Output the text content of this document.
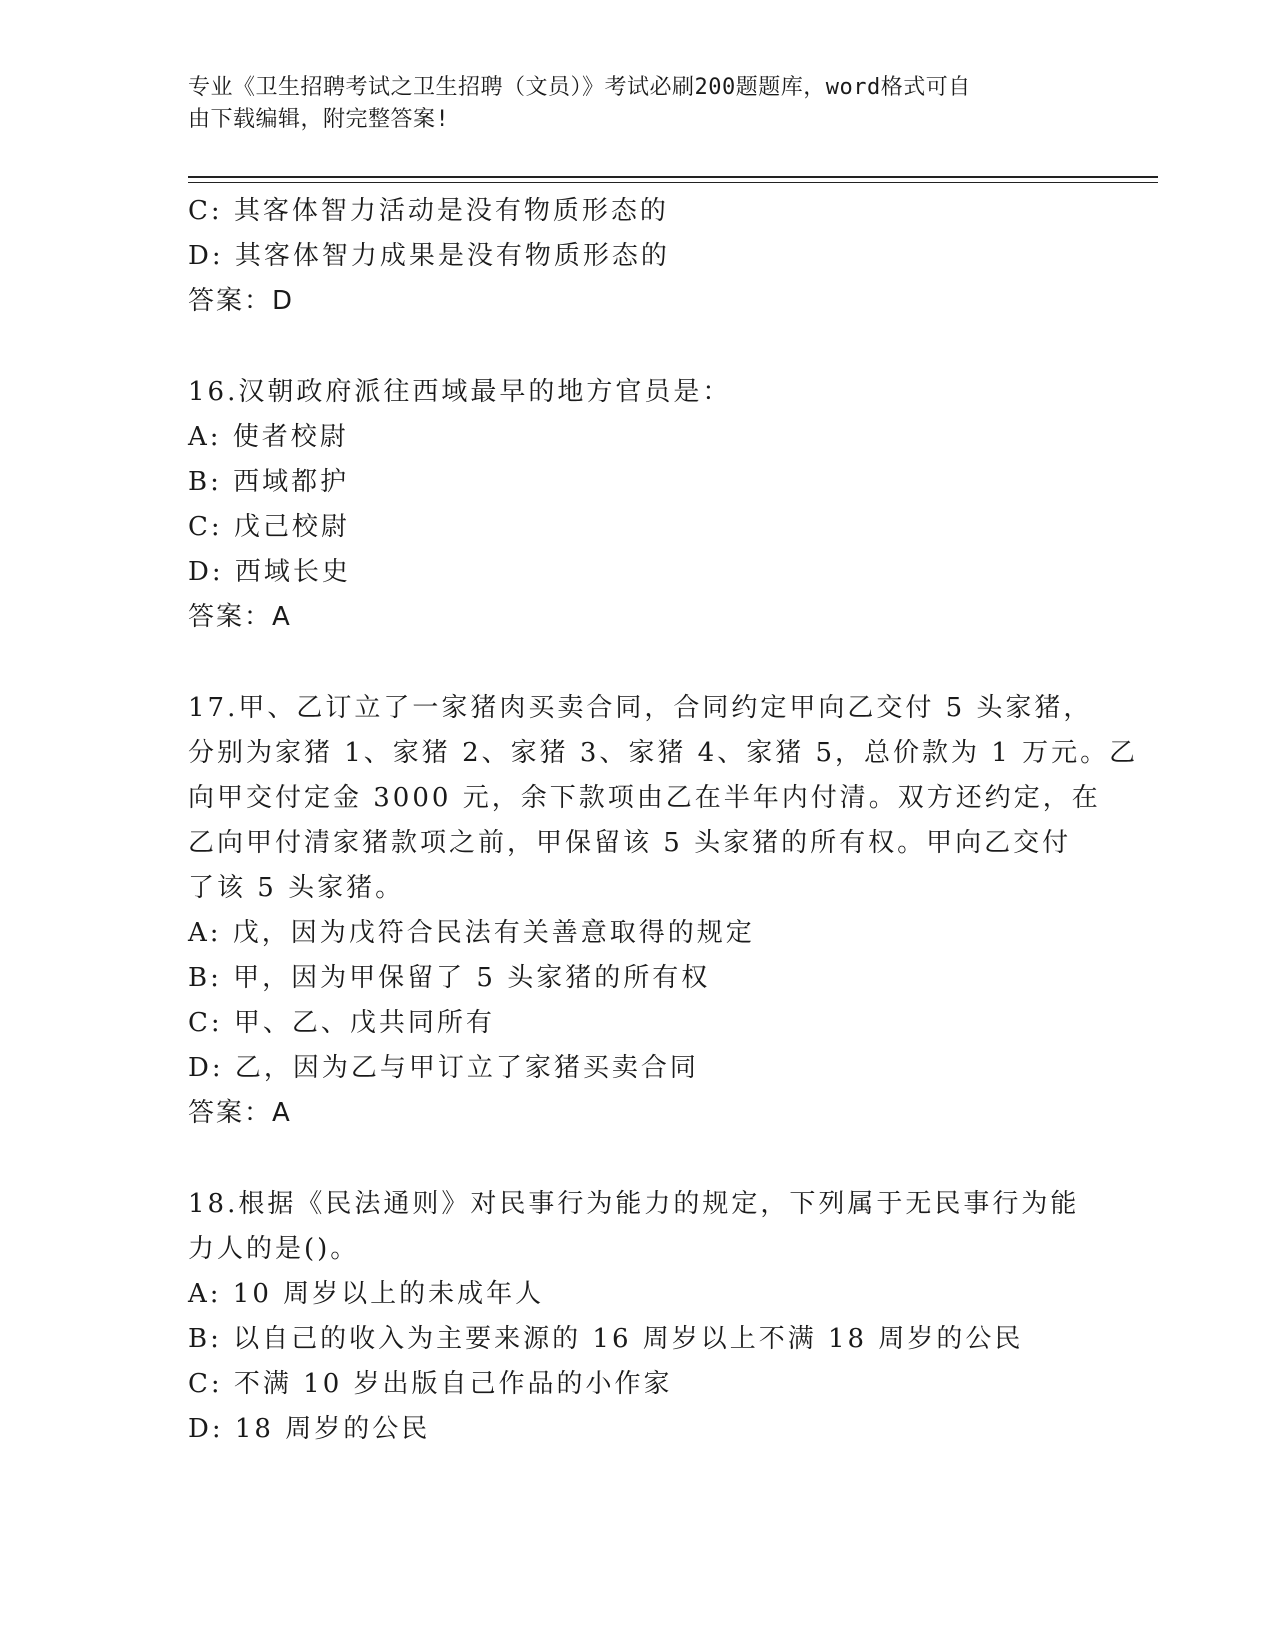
专业《卫生招聘考试之卫生招聘（文员）》考试必刷200题题库，word格式可自
由下载编辑，附完整答案!
C: 其客体智力活动是没有物质形态的
D: 其客体智力成果是没有物质形态的
答案：D
16.汉朝政府派往西域最早的地方官员是：
A: 使者校尉
B: 西域都护
C: 戊己校尉
D: 西域长史
答案：A
17.甲、乙订立了一家猪肉买卖合同，合同约定甲向乙交付 5 头家猪，
分别为家猪 1、家猪 2、家猪 3、家猪 4、家猪 5，总价款为 1 万元。乙
向甲交付定金 3000 元，余下款项由乙在半年内付清。双方还约定，在
乙向甲付清家猪款项之前，甲保留该 5 头家猪的所有权。甲向乙交付
了该 5 头家猪。
A: 戊，因为戊符合民法有关善意取得的规定
B: 甲，因为甲保留了 5 头家猪的所有权
C: 甲、乙、戊共同所有
D: 乙，因为乙与甲订立了家猪买卖合同
答案：A
18.根据《民法通则》对民事行为能力的规定，下列属于无民事行为能
力人的是()。
A: 10 周岁以上的未成年人
B: 以自己的收入为主要来源的 16 周岁以上不满 18 周岁的公民
C: 不满 10 岁出版自己作品的小作家
D: 18 周岁的公民
